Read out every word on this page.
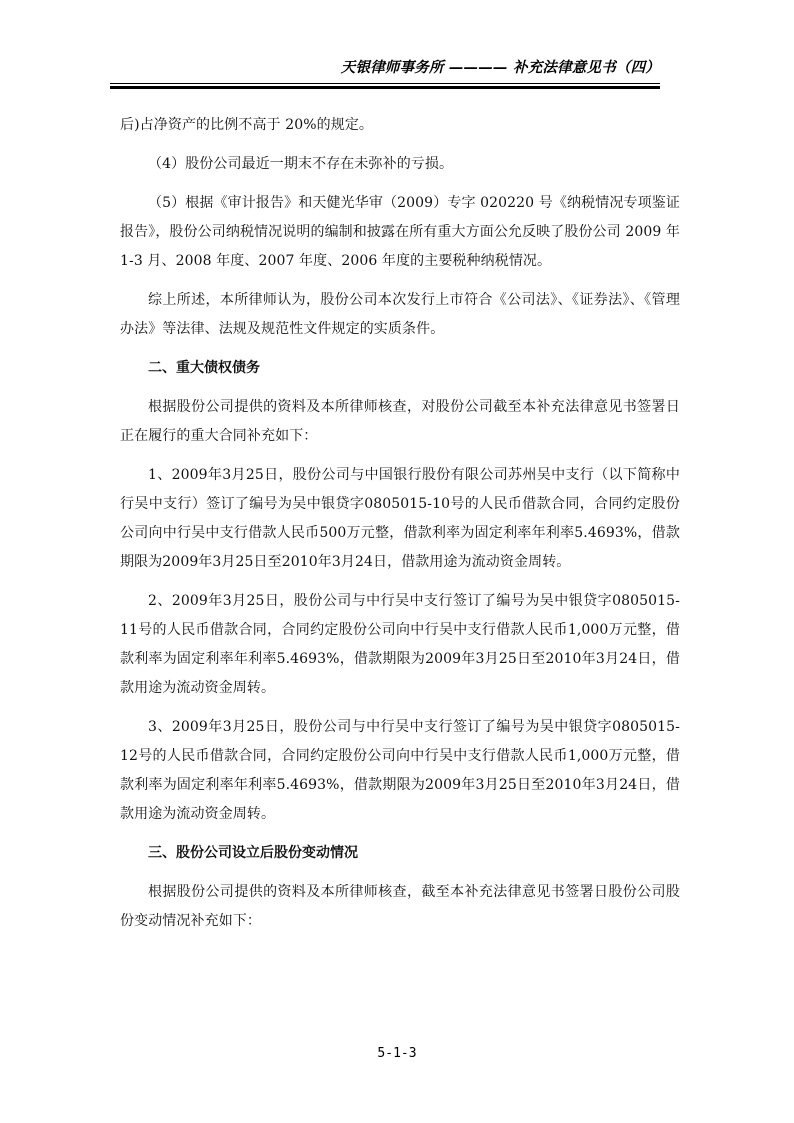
天银律师事务所 ———— 补充法律意见书（四）

后)占净资产的比例不高于 20%的规定。

（4）股份公司最近一期末不存在未弥补的亏损。

（5）根据《审计报告》和天健光华审（2009）专字 020220 号《纳税情况专项鉴证报告》，股份公司纳税情况说明的编制和披露在所有重大方面公允反映了股份公司 2009 年 1-3 月、2008 年度、2007 年度、2006 年度的主要税种纳税情况。

综上所述，本所律师认为，股份公司本次发行上市符合《公司法》、《证券法》、《管理办法》等法律、法规及规范性文件规定的实质条件。

二、重大债权债务

根据股份公司提供的资料及本所律师核查，对股份公司截至本补充法律意见书签署日正在履行的重大合同补充如下：

1、2009年3月25日，股份公司与中国银行股份有限公司苏州吴中支行（以下简称中行吴中支行）签订了编号为吴中银贷字0805015-10号的人民币借款合同，合同约定股份公司向中行吴中支行借款人民币500万元整，借款利率为固定利率年利率5.4693%，借款期限为2009年3月25日至2010年3月24日，借款用途为流动资金周转。

2、2009年3月25日，股份公司与中行吴中支行签订了编号为吴中银贷字0805015-11号的人民币借款合同，合同约定股份公司向中行吴中支行借款人民币1,000万元整，借款利率为固定利率年利率5.4693%，借款期限为2009年3月25日至2010年3月24日，借款用途为流动资金周转。

3、2009年3月25日，股份公司与中行吴中支行签订了编号为吴中银贷字0805015-12号的人民币借款合同，合同约定股份公司向中行吴中支行借款人民币1,000万元整，借款利率为固定利率年利率5.4693%，借款期限为2009年3月25日至2010年3月24日，借款用途为流动资金周转。

三、股份公司设立后股份变动情况

根据股份公司提供的资料及本所律师核查，截至本补充法律意见书签署日股份公司股份变动情况补充如下：

5-1-3
